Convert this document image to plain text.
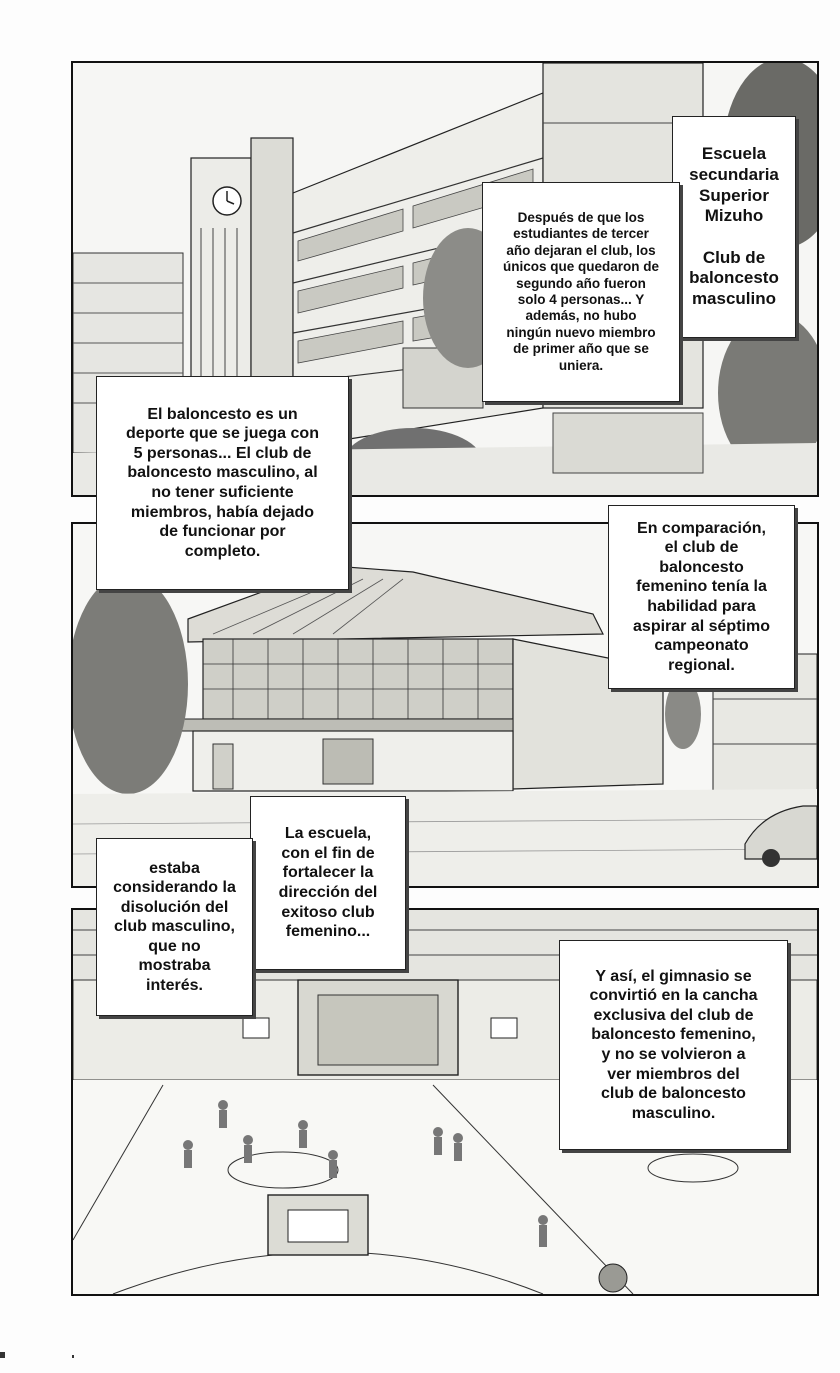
Escuela
secundaria
Superior
Mizuho

Club de
baloncesto
masculino
Después de que los
estudiantes de tercer
año dejaran el club, los
únicos que quedaron de
segundo año fueron
solo 4 personas... Y
además, no hubo
ningún nuevo miembro
de primer año que se
uniera.
El baloncesto es un
deporte que se juega con
5 personas... El club de
baloncesto masculino, al
no tener suficiente
miembros, había dejado
de funcionar por
completo.
En comparación,
el club de
baloncesto
femenino tenía la
habilidad para
aspirar al séptimo
campeonato
regional.
La escuela,
con el fin de
fortalecer la
dirección del
exitoso club
femenino...
estaba
considerando la
disolución del
club masculino,
que no
mostraba
interés.
Y así, el gimnasio se
convirtió en la cancha
exclusiva del club de
baloncesto femenino,
y no se volvieron a
ver miembros del
club de baloncesto
masculino.
